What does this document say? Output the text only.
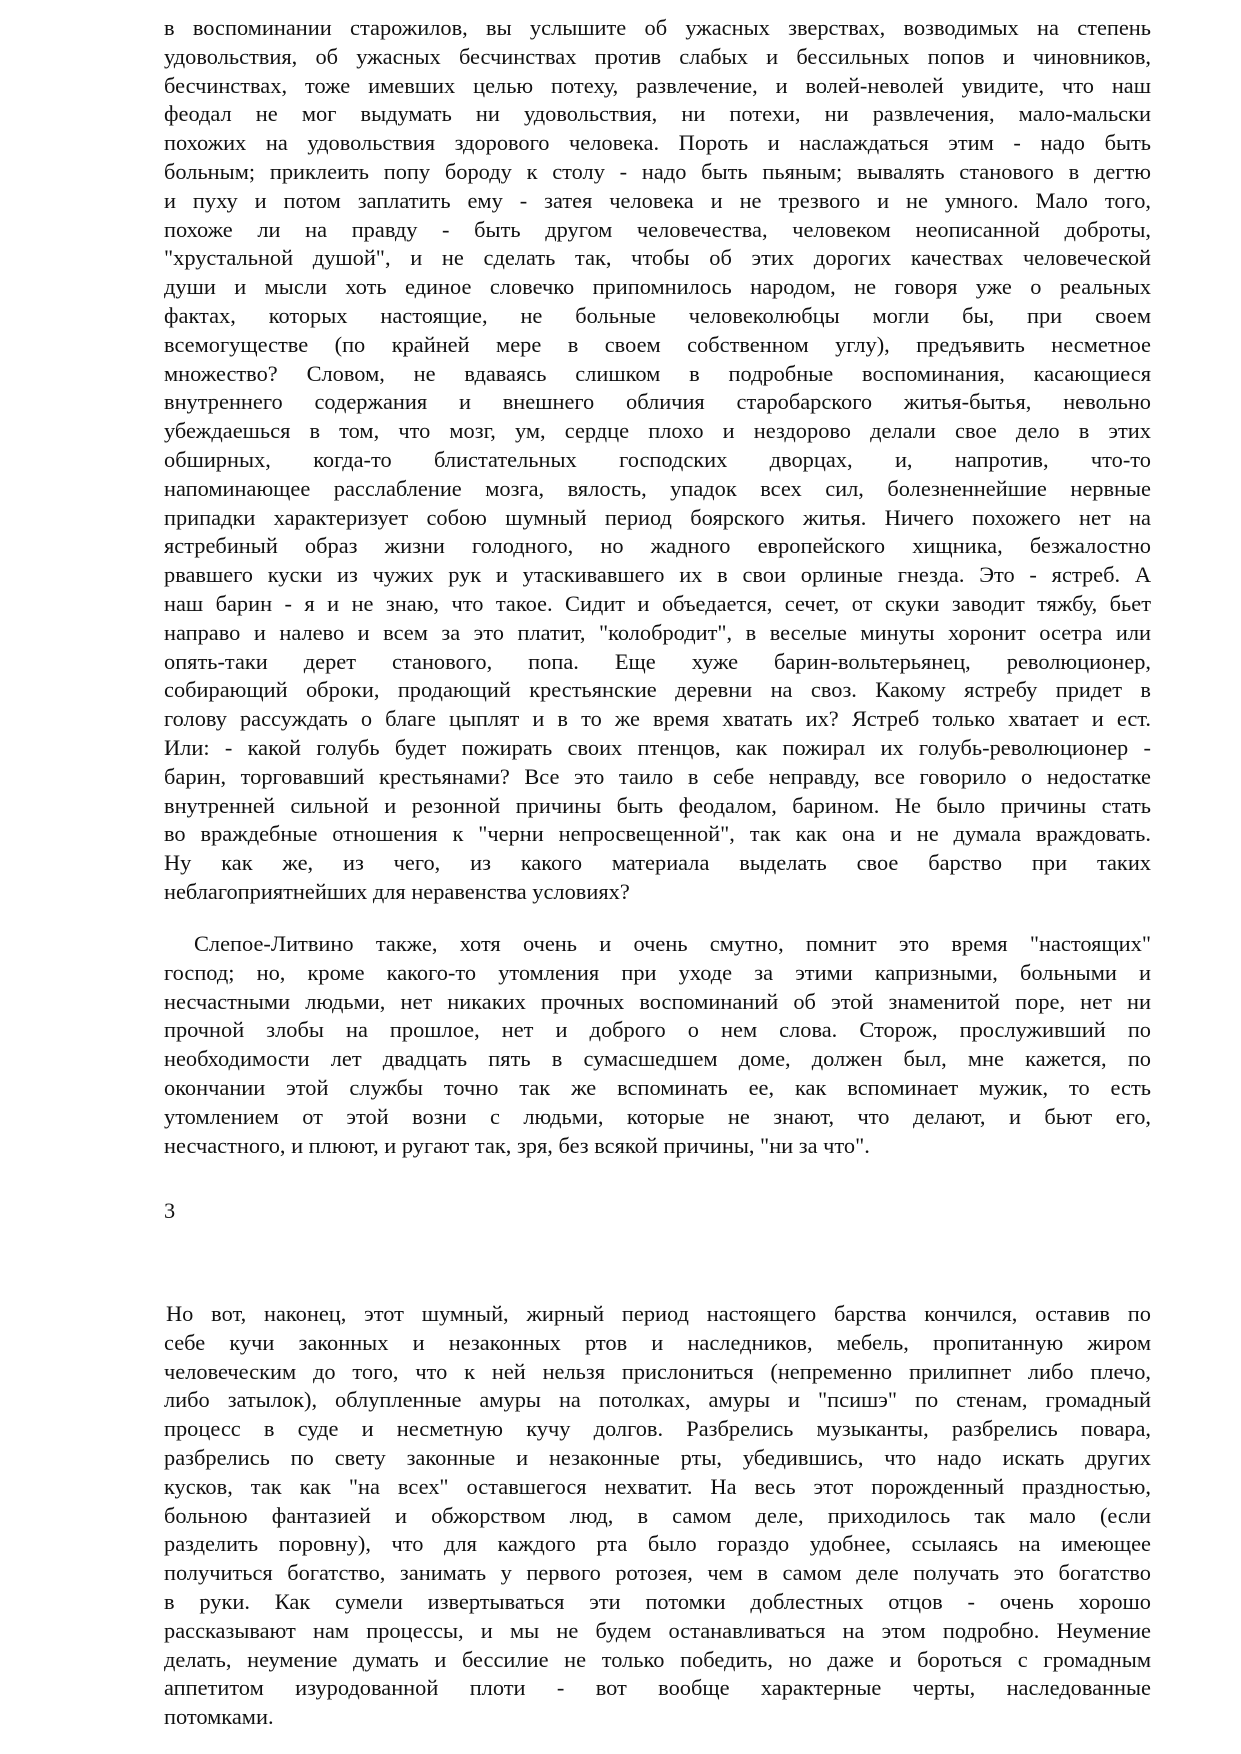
в воспоминании старожилов, вы услышите об ужасных зверствах, возводимых на степень
удовольствия, об ужасных бесчинствах против слабых и бессильных попов и чиновников,
бесчинствах, тоже имевших целью потеху, развлечение, и волей-неволей увидите, что наш
феодал не мог выдумать ни удовольствия, ни потехи, ни развлечения, мало-мальски
похожих на удовольствия здорового человека. Пороть и наслаждаться этим - надо быть
больным; приклеить попу бороду к столу - надо быть пьяным; вывалять станового в дегтю
и пуху и потом заплатить ему - затея человека и не трезвого и не умного. Мало того,
похоже ли на правду - быть другом человечества, человеком неописанной доброты,
"хрустальной душой", и не сделать так, чтобы об этих дорогих качествах человеческой
души и мысли хоть единое словечко припомнилось народом, не говоря уже о реальных
фактах, которых настоящие, не больные человеколюбцы могли бы, при своем
всемогуществе (по крайней мере в своем собственном углу), предъявить несметное
множество? Словом, не вдаваясь слишком в подробные воспоминания, касающиеся
внутреннего содержания и внешнего обличия старобарского житья-бытья, невольно
убеждаешься в том, что мозг, ум, сердце плохо и нездорово делали свое дело в этих
обширных, когда-то блистательных господских дворцах, и, напротив, что-то
напоминающее расслабление мозга, вялость, упадок всех сил, болезненнейшие нервные
припадки характеризует собою шумный период боярского житья. Ничего похожего нет на
ястребиный образ жизни голодного, но жадного европейского хищника, безжалостно
рвавшего куски из чужих рук и утаскивавшего их в свои орлиные гнезда. Это - ястреб. А
наш барин - я и не знаю, что такое. Сидит и объедается, сечет, от скуки заводит тяжбу, бьет
направо и налево и всем за это платит, "колобродит", в веселые минуты хоронит осетра или
опять-таки дерет станового, попа. Еще хуже барин-вольтерьянец, революционер,
собирающий оброки, продающий крестьянские деревни на своз. Какому ястребу придет в
голову рассуждать о благе цыплят и в то же время хватать их? Ястреб только хватает и ест.
Или: - какой голубь будет пожирать своих птенцов, как пожирал их голубь-революционер -
барин, торговавший крестьянами? Все это таило в себе неправду, все говорило о недостатке
внутренней сильной и резонной причины быть феодалом, барином. Не было причины стать
во враждебные отношения к "черни непросвещенной", так как она и не думала враждовать.
Ну как же, из чего, из какого материала выделать свое барство при таких
неблагоприятнейших для неравенства условиях?
Слепое-Литвино также, хотя очень и очень смутно, помнит это время "настоящих"
господ; но, кроме какого-то утомления при уходе за этими капризными, больными и
несчастными людьми, нет никаких прочных воспоминаний об этой знаменитой поре, нет ни
прочной злобы на прошлое, нет и доброго о нем слова. Сторож, прослуживший по
необходимости лет двадцать пять в сумасшедшем доме, должен был, мне кажется, по
окончании этой службы точно так же вспоминать ее, как вспоминает мужик, то есть
утомлением от этой возни с людьми, которые не знают, что делают, и бьют его,
несчастного, и плюют, и ругают так, зря, без всякой причины, "ни за что".
3
Но вот, наконец, этот шумный, жирный период настоящего барства кончился, оставив по
себе кучи законных и незаконных ртов и наследников, мебель, пропитанную жиром
человеческим до того, что к ней нельзя прислониться (непременно прилипнет либо плечо,
либо затылок), облупленные амуры на потолках, амуры и "псишэ" по стенам, громадный
процесс в суде и несметную кучу долгов. Разбрелись музыканты, разбрелись повара,
разбрелись по свету законные и незаконные рты, убедившись, что надо искать других
кусков, так как "на всех" оставшегося нехватит. На весь этот порожденный праздностью,
больною фантазией и обжорством люд, в самом деле, приходилось так мало (если
разделить поровну), что для каждого рта было гораздо удобнее, ссылаясь на имеющее
получиться богатство, занимать у первого ротозея, чем в самом деле получать это богатство
в руки. Как сумели извертываться эти потомки доблестных отцов - очень хорошо
рассказывают нам процессы, и мы не будем останавливаться на этом подробно. Неумение
делать, неумение думать и бессилие не только победить, но даже и бороться с громадным
аппетитом изуродованной плоти - вот вообще характерные черты, наследованные
потомками.
